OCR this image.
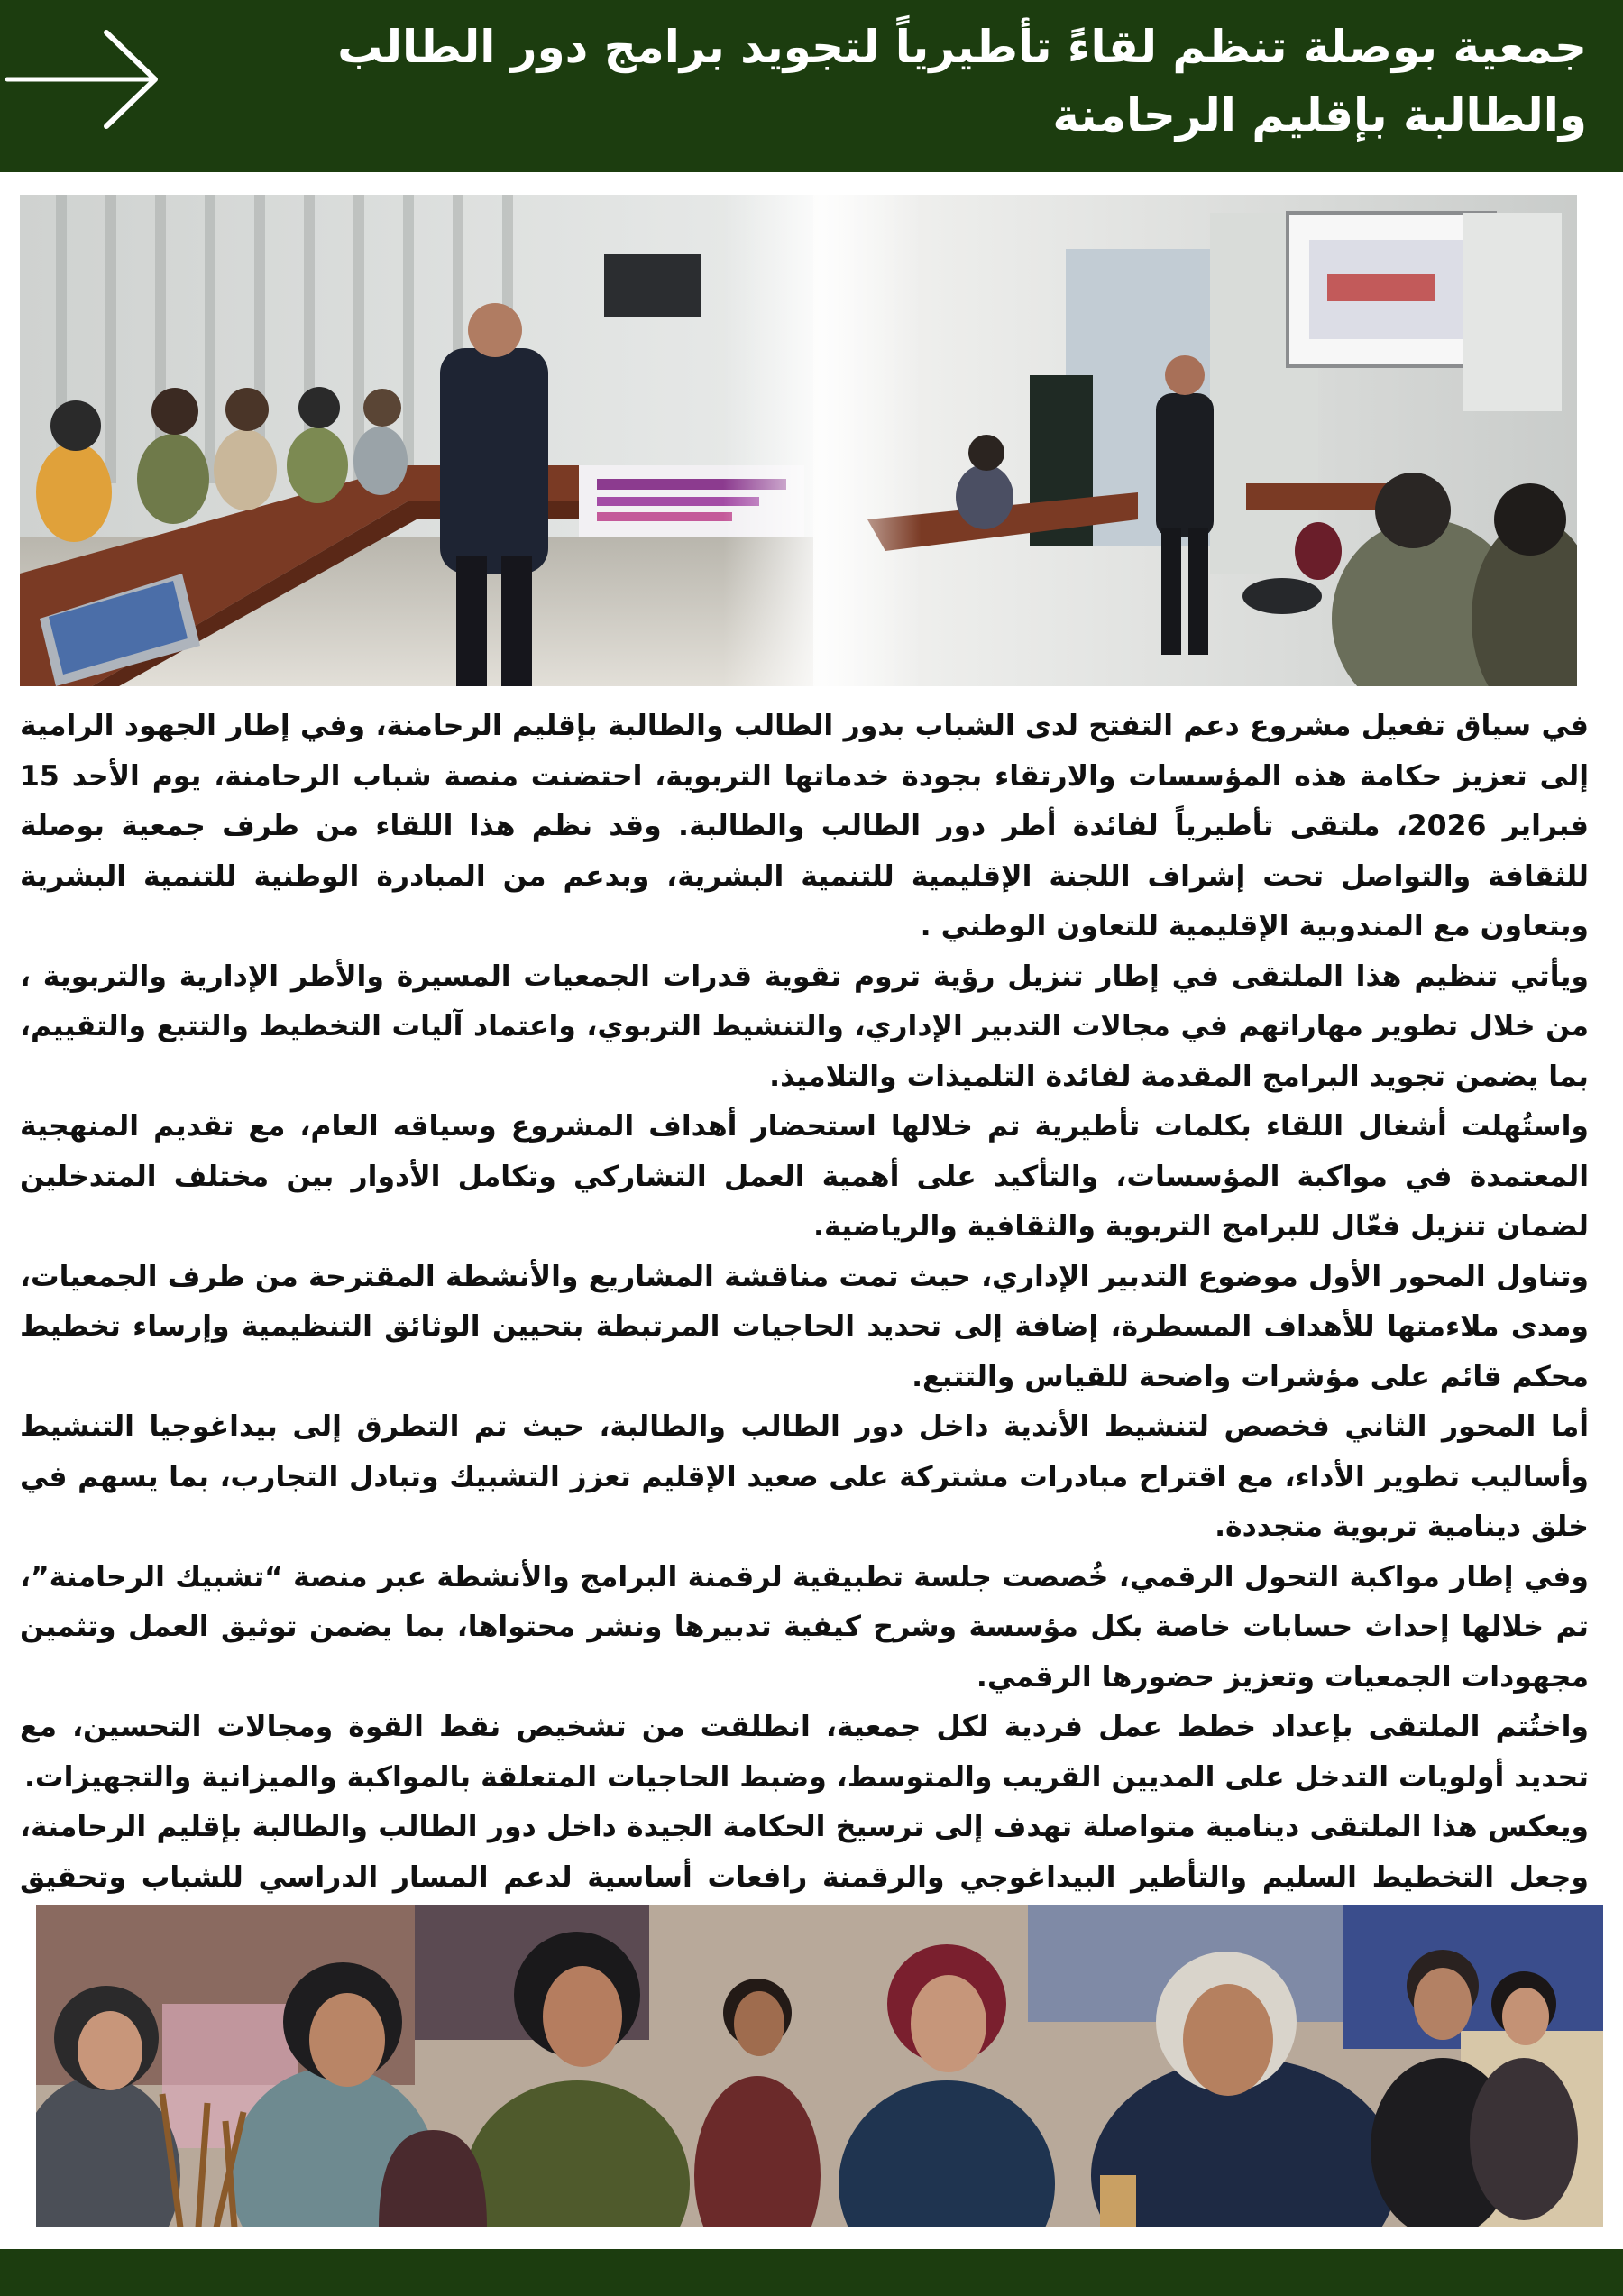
جمعية بوصلة تنظم لقاءً تأطيرياً لتجويد برامج دور الطالب والطالبة بإقليم الرحامنة

في سياق تفعيل مشروع دعم التفتح لدى الشباب بدور الطالب والطالبة بإقليم الرحامنة، وفي إطار الجهود الرامية إلى تعزيز حكامة هذه المؤسسات والارتقاء بجودة خدماتها التربوية، احتضنت منصة شباب الرحامنة، يوم الأحد 15 فبراير 2026، ملتقى تأطيرياً لفائدة أطر دور الطالب والطالبة. وقد نظم هذا اللقاء من طرف جمعية بوصلة للثقافة والتواصل تحت إشراف اللجنة الإقليمية للتنمية البشرية، وبدعم من المبادرة الوطنية للتنمية البشرية وبتعاون مع المندوبية الإقليمية للتعاون الوطني .

ويأتي تنظيم هذا الملتقى في إطار تنزيل رؤية تروم تقوية قدرات الجمعيات المسيرة والأطر الإدارية والتربوية ، من خلال تطوير مهاراتهم في مجالات التدبير الإداري، والتنشيط التربوي، واعتماد آليات التخطيط والتتبع والتقييم، بما يضمن تجويد البرامج المقدمة لفائدة التلميذات والتلاميذ.

واستُهلت أشغال اللقاء بكلمات تأطيرية تم خلالها استحضار أهداف المشروع وسياقه العام، مع تقديم المنهجية المعتمدة في مواكبة المؤسسات، والتأكيد على أهمية العمل التشاركي وتكامل الأدوار بين مختلف المتدخلين لضمان تنزيل فعّال للبرامج التربوية والثقافية والرياضية.

وتناول المحور الأول موضوع التدبير الإداري، حيث تمت مناقشة المشاريع والأنشطة المقترحة من طرف الجمعيات، ومدى ملاءمتها للأهداف المسطرة، إضافة إلى تحديد الحاجيات المرتبطة بتحيين الوثائق التنظيمية وإرساء تخطيط محكم قائم على مؤشرات واضحة للقياس والتتبع.

أما المحور الثاني فخصص لتنشيط الأندية داخل دور الطالب والطالبة، حيث تم التطرق إلى بيداغوجيا التنشيط وأساليب تطوير الأداء، مع اقتراح مبادرات مشتركة على صعيد الإقليم تعزز التشبيك وتبادل التجارب، بما يسهم في خلق دينامية تربوية متجددة.

وفي إطار مواكبة التحول الرقمي، خُصصت جلسة تطبيقية لرقمنة البرامج والأنشطة عبر منصة “تشبيك الرحامنة”، تم خلالها إحداث حسابات خاصة بكل مؤسسة وشرح كيفية تدبيرها ونشر محتواها، بما يضمن توثيق العمل وتثمين مجهودات الجمعيات وتعزيز حضورها الرقمي.

واختُتم الملتقى بإعداد خطط عمل فردية لكل جمعية، انطلقت من تشخيص نقط القوة ومجالات التحسين، مع تحديد أولويات التدخل على المديين القريب والمتوسط، وضبط الحاجيات المتعلقة بالمواكبة والميزانية والتجهيزات.

ويعكس هذا الملتقى دينامية متواصلة تهدف إلى ترسيخ الحكامة الجيدة داخل دور الطالب والطالبة بإقليم الرحامنة، وجعل التخطيط السليم والتأطير البيداغوجي والرقمنة رافعات أساسية لدعم المسار الدراسي للشباب وتحقيق
